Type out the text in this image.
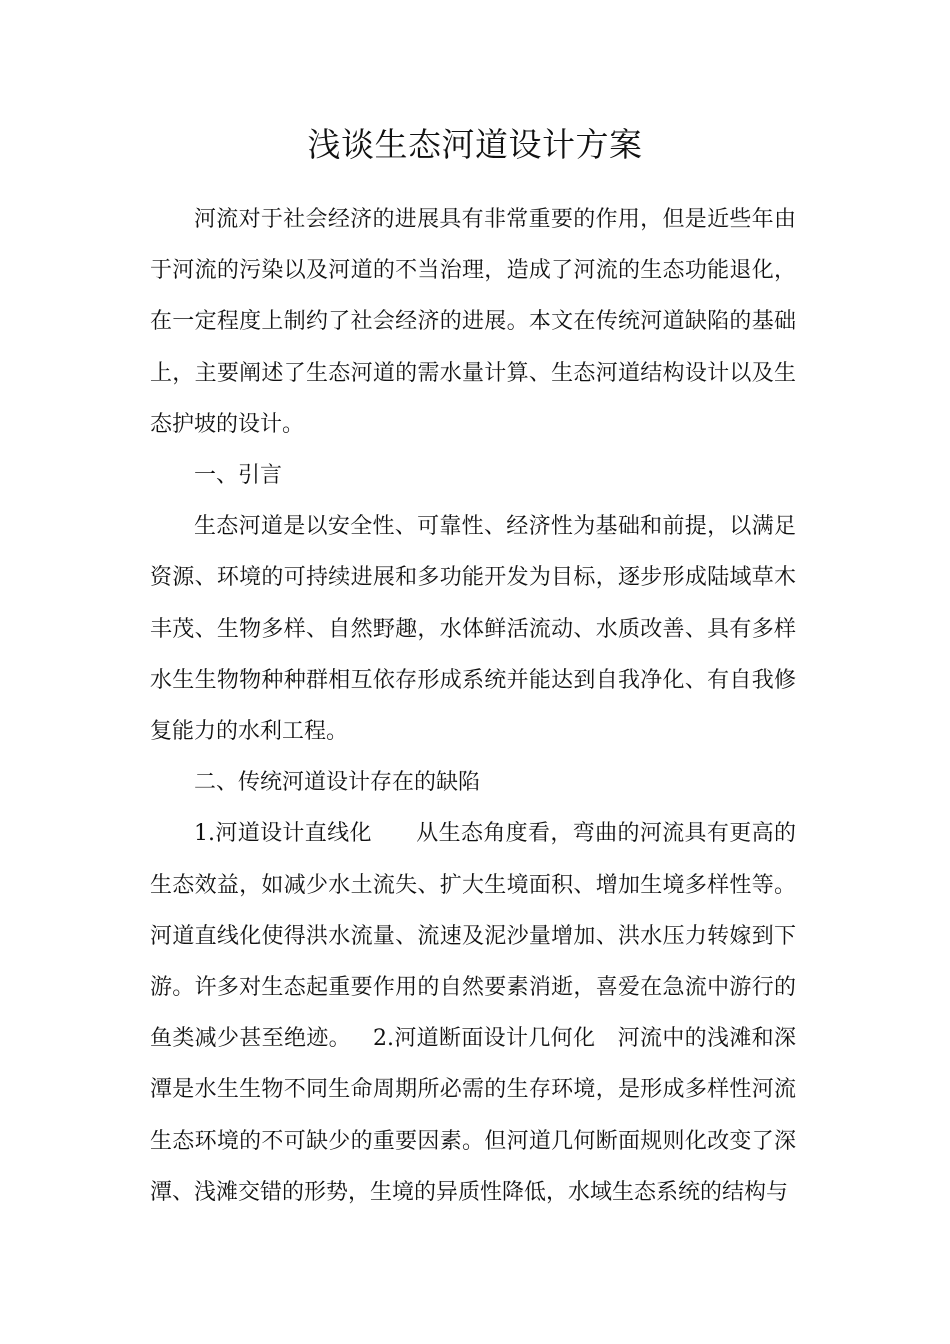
浅谈生态河道设计方案

河流对于社会经济的进展具有非常重要的作用，但是近些年由于河流的污染以及河道的不当治理，造成了河流的生态功能退化，在一定程度上制约了社会经济的进展。本文在传统河道缺陷的基础上，主要阐述了生态河道的需水量计算、生态河道结构设计以及生态护坡的设计。

一、引言

生态河道是以安全性、可靠性、经济性为基础和前提，以满足资源、环境的可持续进展和多功能开发为目标，逐步形成陆域草木丰茂、生物多样、自然野趣，水体鲜活流动、水质改善、具有多样水生生物物种种群相互依存形成系统并能达到自我净化、有自我修复能力的水利工程。

二、传统河道设计存在的缺陷

1.河道设计直线化 从生态角度看，弯曲的河流具有更高的生态效益，如减少水土流失、扩大生境面积、增加生境多样性等。河道直线化使得洪水流量、流速及泥沙量增加、洪水压力转嫁到下游。许多对生态起重要作用的自然要素消逝，喜爱在急流中游行的鱼类减少甚至绝迹。 2.河道断面设计几何化 河流中的浅滩和深潭是水生生物不同生命周期所必需的生存环境，是形成多样性河流生态环境的不可缺少的重要因素。但河道几何断面规则化改变了深潭、浅滩交错的形势，生境的异质性降低，水域生态系统的结构与
